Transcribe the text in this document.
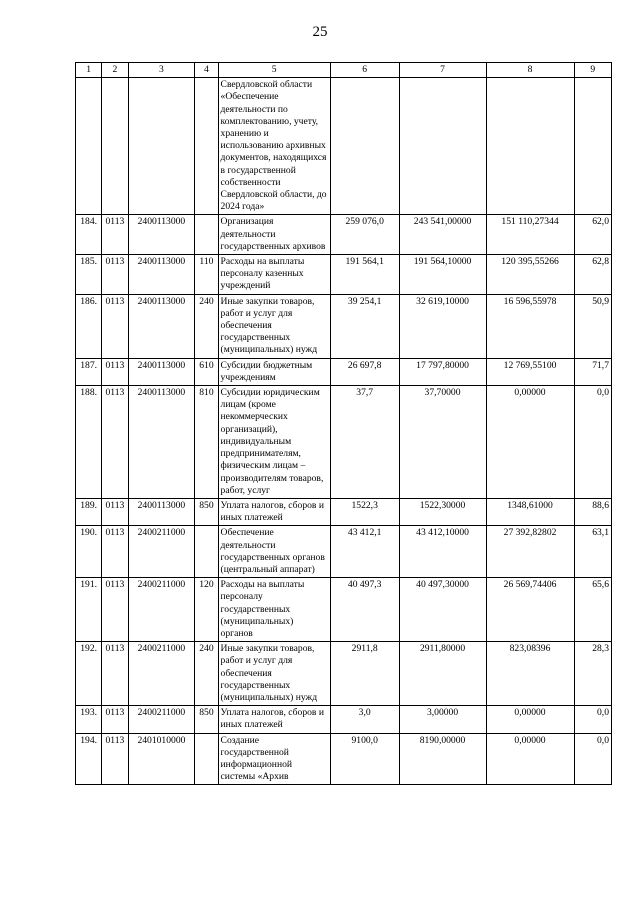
25
1	2	3	4	5	6	7	8	9
				Свердловской области «Обеспечение деятельности по комплектованию, учету, хранению и использованию архивных документов, находящихся в государственной собственности Свердловской области, до 2024 года»				
184.	0113	2400113000		Организация деятельности государственных архивов	259 076,0	243 541,00000	151 110,27344	62,0
185.	0113	2400113000	110	Расходы на выплаты персоналу казенных учреждений	191 564,1	191 564,10000	120 395,55266	62,8
186.	0113	2400113000	240	Иные закупки товаров, работ и услуг для обеспечения государственных (муниципальных) нужд	39 254,1	32 619,10000	16 596,55978	50,9
187.	0113	2400113000	610	Субсидии бюджетным учреждениям	26 697,8	17 797,80000	12 769,55100	71,7
188.	0113	2400113000	810	Субсидии юридическим лицам (кроме некоммерческих организаций), индивидуальным предпринимателям, физическим лицам – производителям товаров, работ, услуг	37,7	37,70000	0,00000	0,0
189.	0113	2400113000	850	Уплата налогов, сборов и иных платежей	1522,3	1522,30000	1348,61000	88,6
190.	0113	2400211000		Обеспечение деятельности государственных органов (центральный аппарат)	43 412,1	43 412,10000	27 392,82802	63,1
191.	0113	2400211000	120	Расходы на выплаты персоналу государственных (муниципальных) органов	40 497,3	40 497,30000	26 569,74406	65,6
192.	0113	2400211000	240	Иные закупки товаров, работ и услуг для обеспечения государственных (муниципальных) нужд	2911,8	2911,80000	823,08396	28,3
193.	0113	2400211000	850	Уплата налогов, сборов и иных платежей	3,0	3,00000	0,00000	0,0
194.	0113	2401010000		Создание государственной информационной системы «Архив	9100,0	8190,00000	0,00000	0,0
